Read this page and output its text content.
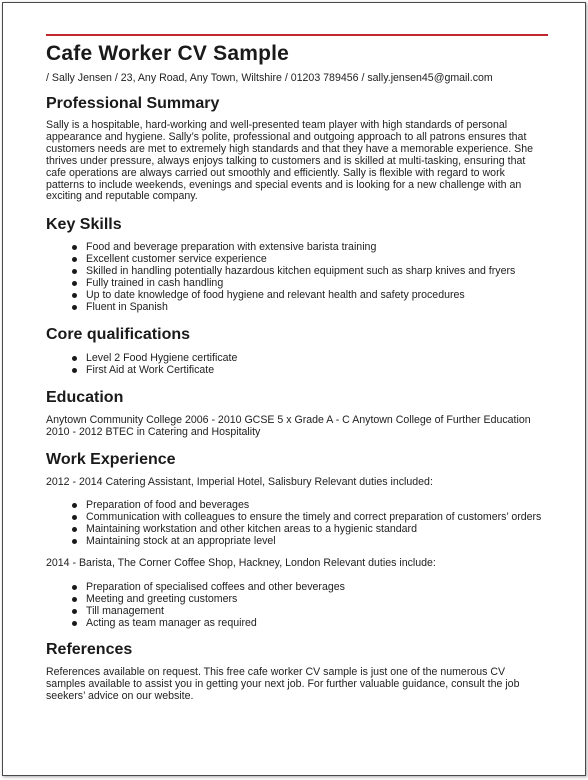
Cafe Worker CV Sample
/ Sally Jensen / 23, Any Road, Any Town, Wiltshire / 01203 789456 / sally.jensen45@gmail.com
Professional Summary

Sally is a hospitable, hard-working and well-presented team player with high standards of personal appearance and hygiene. Sally’s polite, professional and outgoing approach to all patrons ensures that customers needs are met to extremely high standards and that they have a memorable experience. She thrives under pressure, always enjoys talking to customers and is skilled at multi-tasking, ensuring that cafe operations are always carried out smoothly and efficiently. Sally is flexible with regard to work patterns to include weekends, evenings and special events and is looking for a new challenge with an exciting and reputable company.

Key Skills
Food and beverage preparation with extensive barista training
Excellent customer service experience
Skilled in handling potentially hazardous kitchen equipment such as sharp knives and fryers
Fully trained in cash handling
Up to date knowledge of food hygiene and relevant health and safety procedures
Fluent in Spanish
Core qualifications
Level 2 Food Hygiene certificate
First Aid at Work Certificate
Education

Anytown Community College 2006 - 2010 GCSE 5 x Grade A - C Anytown College of Further Education 2010 - 2012 BTEC in Catering and Hospitality

Work Experience

2012 - 2014 Catering Assistant, Imperial Hotel, Salisbury Relevant duties included:

Preparation of food and beverages
Communication with colleagues to ensure the timely and correct preparation of customers’ orders
Maintaining workstation and other kitchen areas to a hygienic standard
Maintaining stock at an appropriate level

2014 - Barista, The Corner Coffee Shop, Hackney, London Relevant duties include:

Preparation of specialised coffees and other beverages
Meeting and greeting customers
Till management
Acting as team manager as required
References

References available on request. This free cafe worker CV sample is just one of the numerous CV samples available to assist you in getting your next job. For further valuable guidance, consult the job seekers’ advice on our website.
